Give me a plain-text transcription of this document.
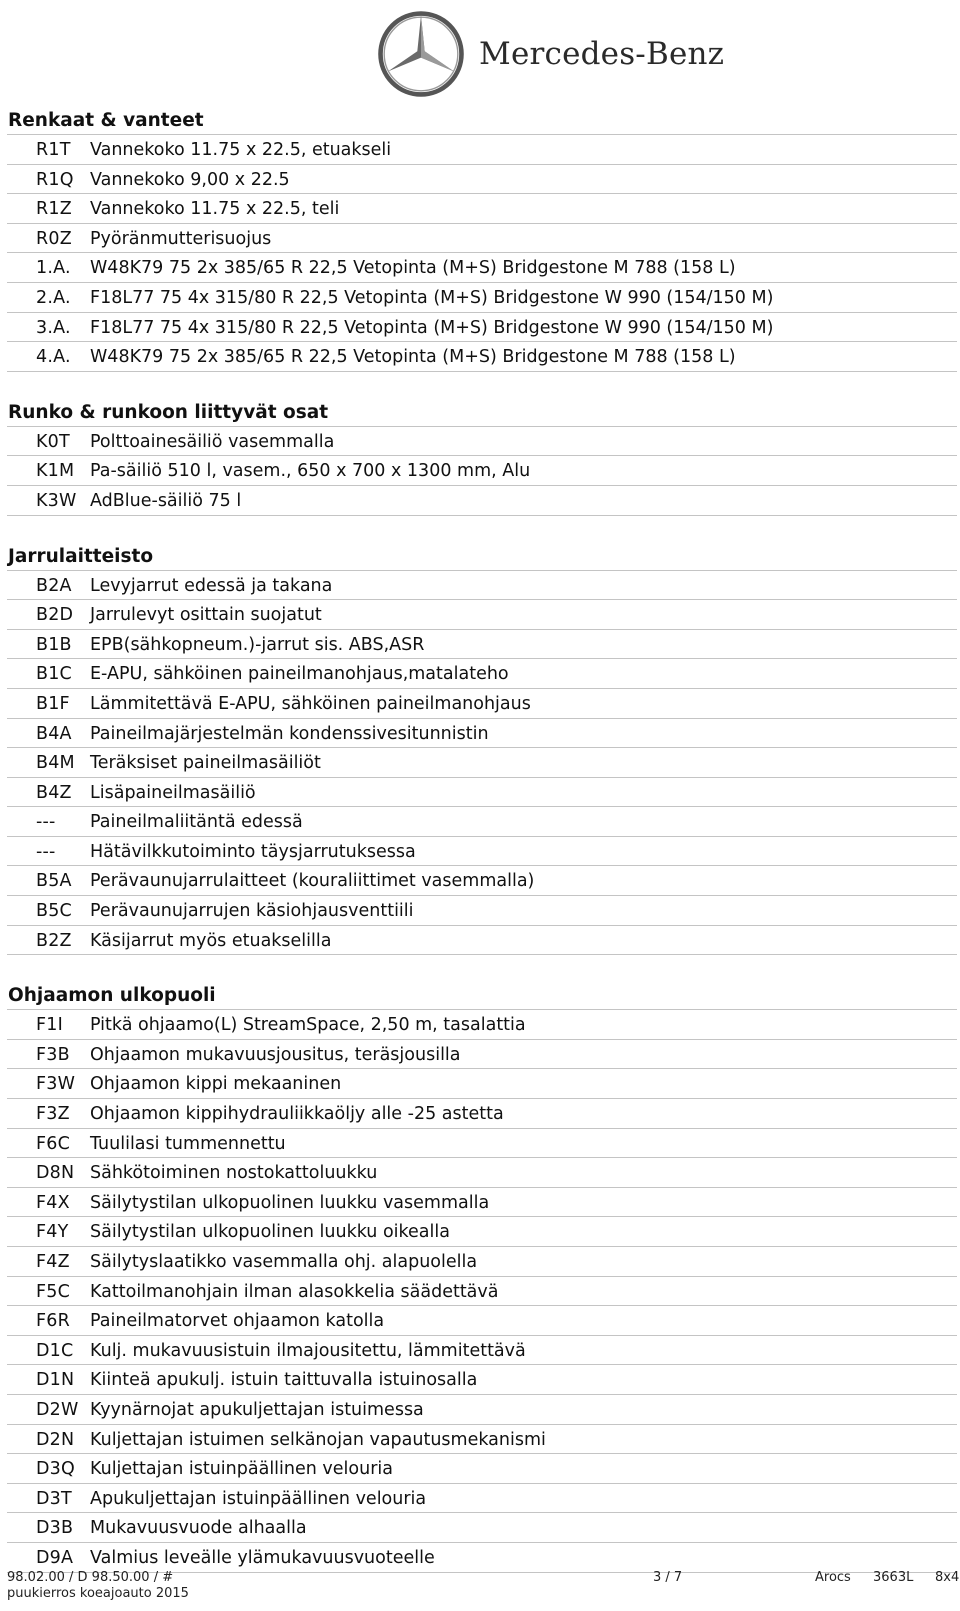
Mercedes-Benz
Renkaat & vanteet
R1T	Vannekoko 11.75 x 22.5, etuakseli
R1Q Vannekoko 9,00 x 22.5
R1Z	Vannekoko 11.75 x 22.5, teli
R0Z	Pyöränmutterisuojus
1.A.	W48K79 75 2x 385/65 R 22,5 Vetopinta (M+S) Bridgestone M 788 (158 L)
2.A.	F18L77 75 4x 315/80 R 22,5 Vetopinta (M+S) Bridgestone W 990 (154/150 M)
3.A.	F18L77 75 4x 315/80 R 22,5 Vetopinta (M+S) Bridgestone W 990 (154/150 M)
4.A.	W48K79 75 2x 385/65 R 22,5 Vetopinta (M+S) Bridgestone M 788 (158 L)
Runko & runkoon liittyvät osat
K0T	Polttoainesäiliö vasemmalla
K1M Pa-säiliö 510 l, vasem., 650 x 700 x 1300 mm, Alu
K3W AdBlue-säiliö 75 l
Jarrulaitteisto
B2A	Levyjarrut edessä ja takana
B2D Jarrulevyt osittain suojatut
B1B	EPB(sähkopneum.)-jarrut sis. ABS,ASR
B1C	E-APU, sähköinen paineilmanohjaus,matalateho
B1F	Lämmitettävä E-APU, sähköinen paineilmanohjaus
B4A	Paineilmajärjestelmän kondenssivesitunnistin
B4M Teräksiset paineilmasäiliöt
B4Z	Lisäpaineilmasäiliö
---	Paineilmaliitäntä edessä
---	Hätävilkkutoiminto täysjarrutuksessa
B5A	Perävaunujarrulaitteet (kouraliittimet vasemmalla)
B5C	Perävaunujarrujen käsiohjausventtiili
B2Z	Käsijarrut myös etuakselilla
Ohjaamon ulkopuoli
F1I	Pitkä ohjaamo(L) StreamSpace, 2,50 m, tasalattia
F3B	Ohjaamon mukavuusjousitus, teräsjousilla
F3W Ohjaamon kippi mekaaninen
F3Z	Ohjaamon kippihydrauliikkaöljy alle -25 astetta
F6C	Tuulilasi tummennettu
D8N Sähkötoiminen nostokattoluukku
F4X	Säilytystilan ulkopuolinen luukku vasemmalla
F4Y	Säilytystilan ulkopuolinen luukku oikealla
F4Z	Säilytyslaatikko vasemmalla ohj. alapuolella
F5C	Kattoilmanohjain ilman alasokkelia säädettävä
F6R	Paineilmatorvet ohjaamon katolla
D1C Kulj. mukavuusistuin ilmajousitettu, lämmitettävä
D1N Kiinteä apukulj. istuin taittuvalla istuinosalla
D2W Kyynärnojat apukuljettajan istuimessa
D2N Kuljettajan istuimen selkänojan vapautusmekanismi
D3Q Kuljettajan istuinpäällinen velouria
D3T	Apukuljettajan istuinpäällinen velouria
D3B Mukavuusvuode alhaalla
D9A Valmius leveälle ylämukavuusvuoteelle
98.02.00 / D 98.50.00 / #
puukierros koeajoauto 2015
3 / 7	Arocs 3663L 8x4
